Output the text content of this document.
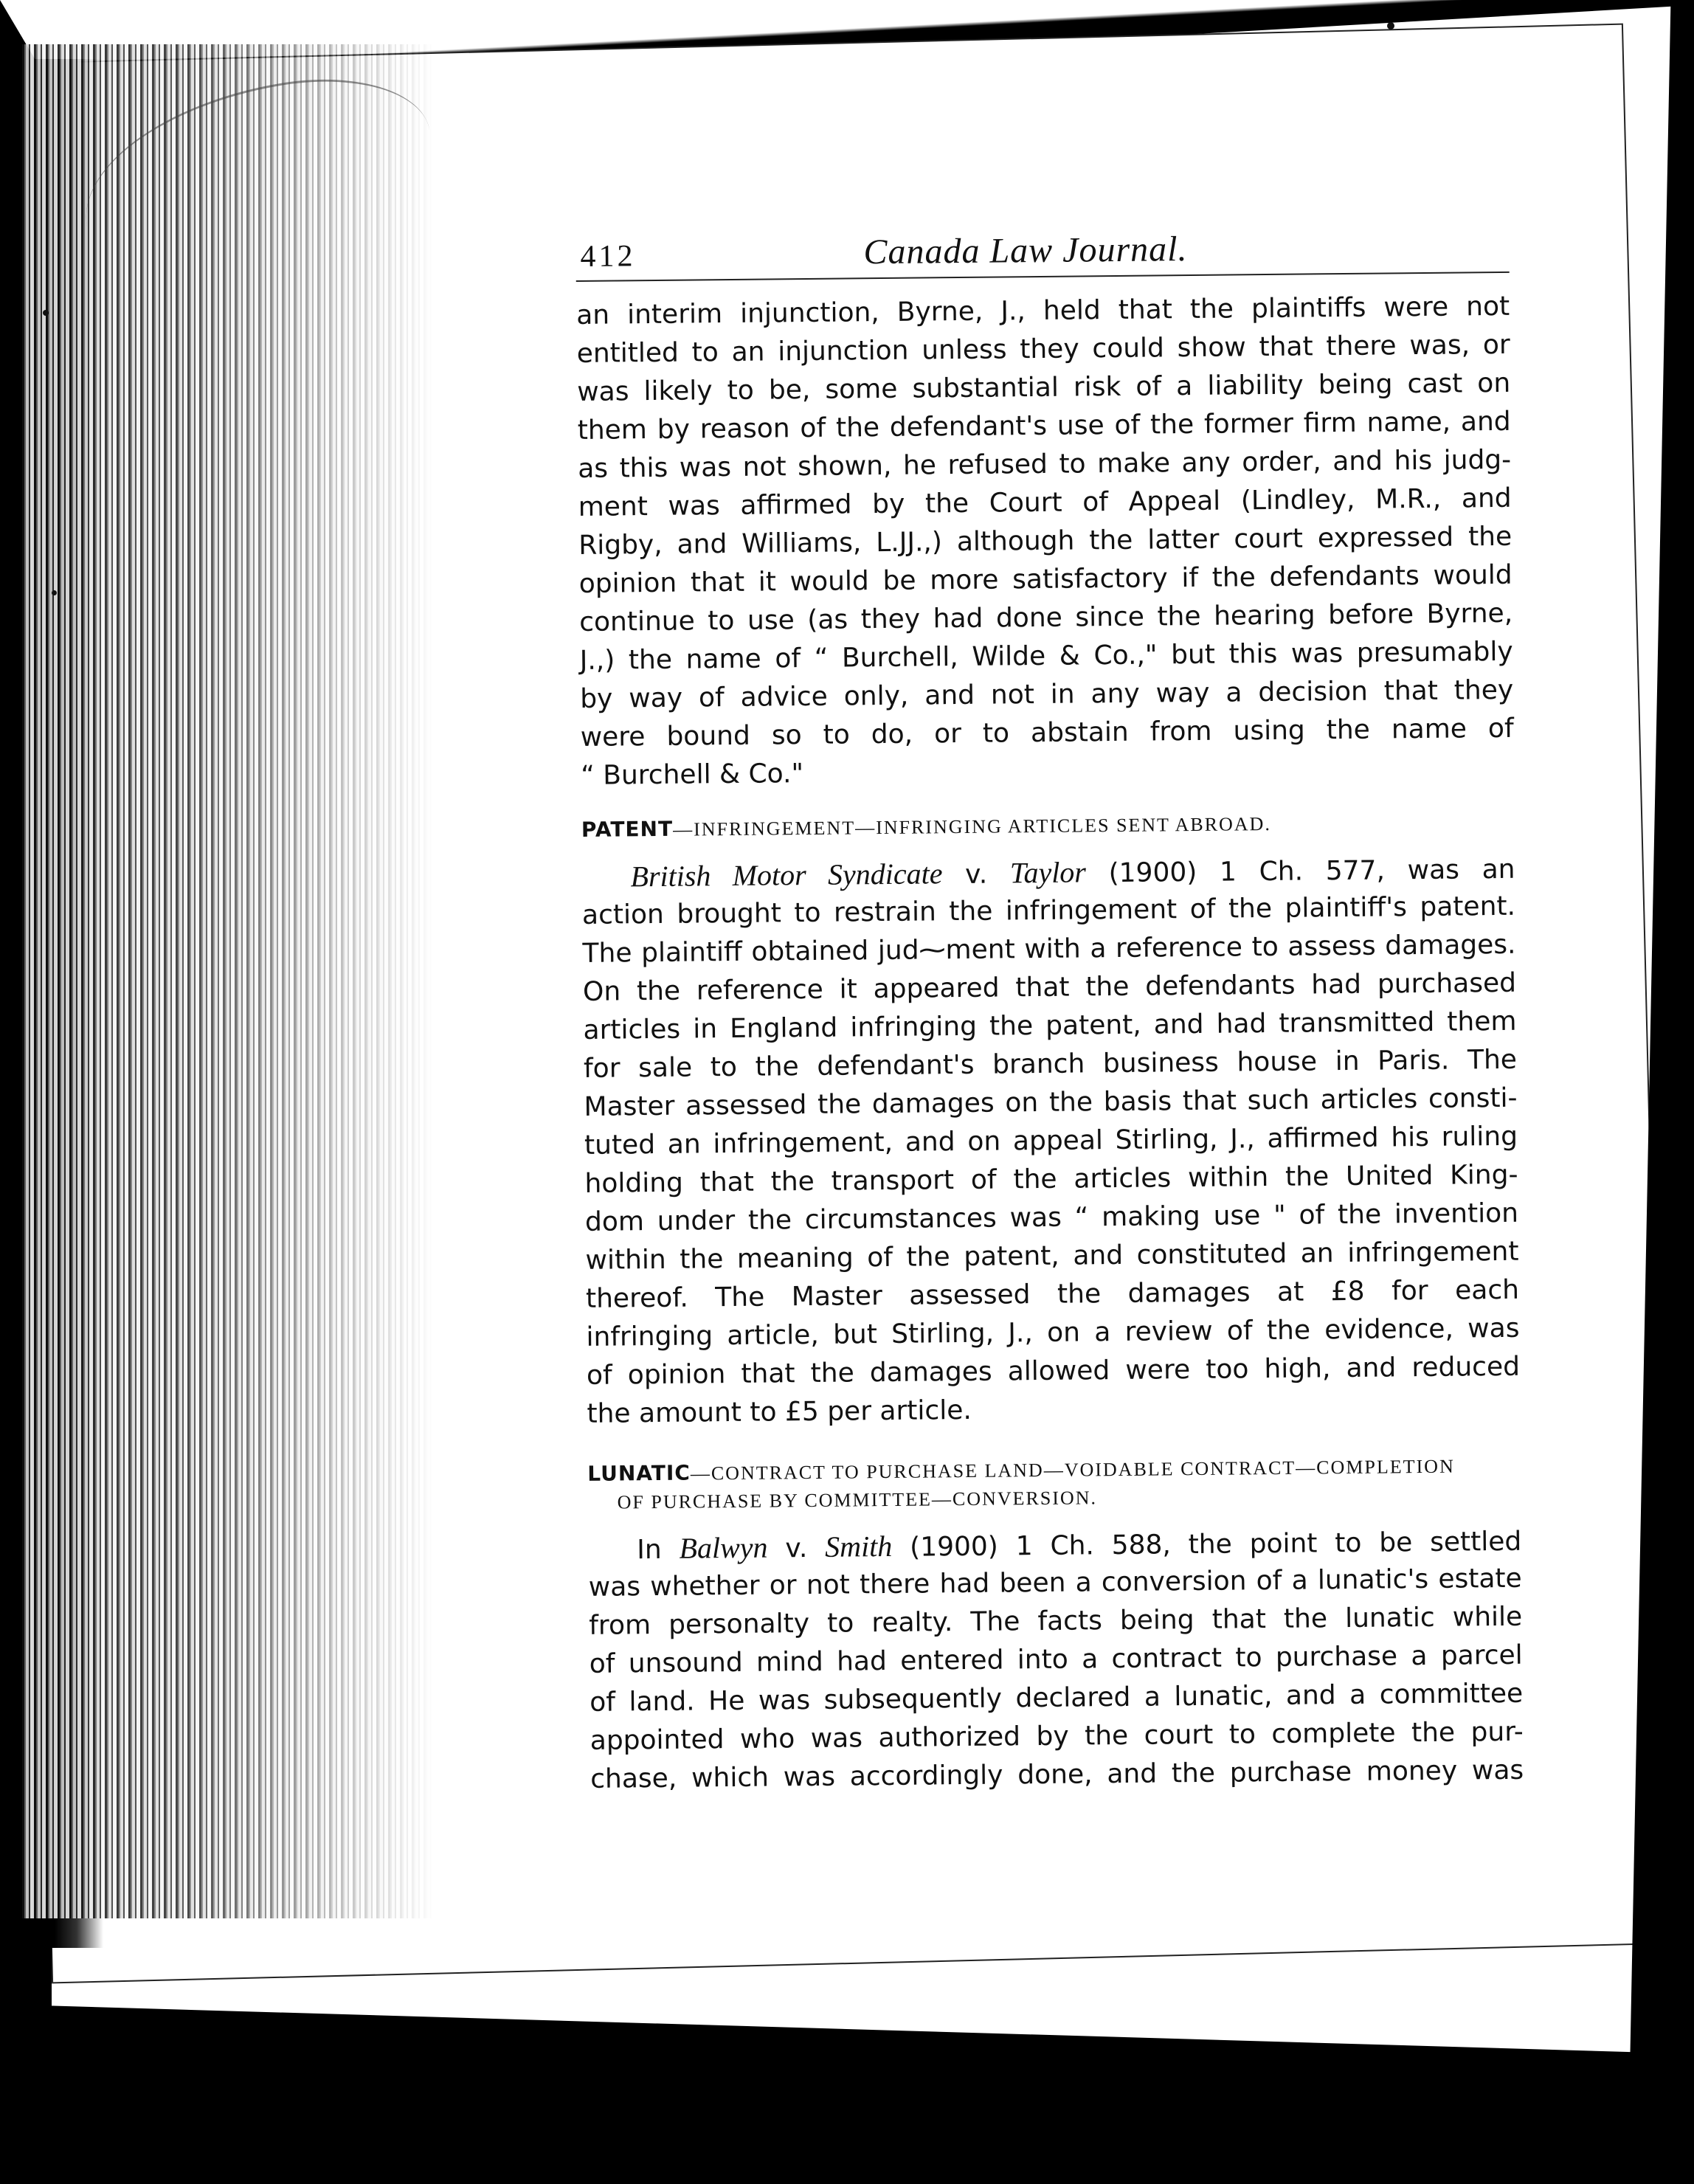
412	Canada Law Journal.
an interim injunction, Byrne, J., held that the plaintiffs were not
entitled to an injunction unless they could show that there was, or
was likely to be, some substantial risk of a liability being cast on
them by reason of the defendant's use of the former firm name, and
as this was not shown, he refused to make any order, and his judg-
ment was affirmed by the Court of Appeal (Lindley, M.R., and
Rigby, and Williams, L.JJ.,) although the latter court expressed the
opinion that it would be more satisfactory if the defendants would
continue to use (as they had done since the hearing before Byrne,
J.,) the name of “ Burchell, Wilde & Co.," but this was presumably
by way of advice only, and not in any way a decision that they
were bound so to do, or to abstain from using the name of
“ Burchell & Co."
PATENT—INFRINGEMENT—INFRINGING ARTICLES SENT ABROAD.
British Motor Syndicate v. Taylor (1900) 1 Ch. 577, was an
action brought to restrain the infringement of the plaintiff's patent.
The plaintiff obtained jud⁓ment with a reference to assess damages.
On the reference it appeared that the defendants had purchased
articles in England infringing the patent, and had transmitted them
for sale to the defendant's branch business house in Paris. The
Master assessed the damages on the basis that such articles consti-
tuted an infringement, and on appeal Stirling, J., affirmed his ruling
holding that the transport of the articles within the United King-
dom under the circumstances was “ making use " of the invention
within the meaning of the patent, and constituted an infringement
thereof. The Master assessed the damages at £8 for each
infringing article, but Stirling, J., on a review of the evidence, was
of opinion that the damages allowed were too high, and reduced
the amount to £5 per article.
LUNATIC—CONTRACT TO PURCHASE LAND—VOIDABLE CONTRACT—COMPLETION
OF PURCHASE BY COMMITTEE—CONVERSION.
In Balwyn v. Smith (1900) 1 Ch. 588, the point to be settled
was whether or not there had been a conversion of a lunatic's estate
from personalty to realty. The facts being that the lunatic while
of unsound mind had entered into a contract to purchase a parcel
of land. He was subsequently declared a lunatic, and a committee
appointed who was authorized by the court to complete the pur-
chase, which was accordingly done, and the purchase money was
